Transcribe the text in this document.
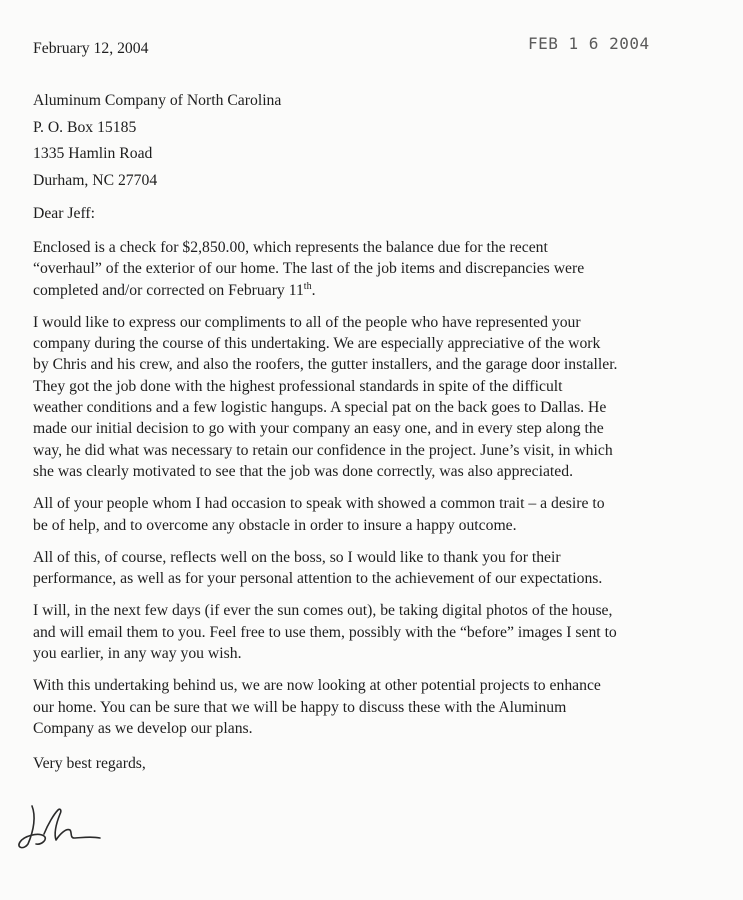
February 12, 2004	FEB 1 6 2004
Aluminum Company of North Carolina
P. O. Box 15185
1335 Hamlin Road
Durham, NC 27704
Dear Jeff:

Enclosed is a check for $2,850.00, which represents the balance due for the recent
“overhaul” of the exterior of our home. The last of the job items and discrepancies were
completed and/or corrected on February 11th.

I would like to express our compliments to all of the people who have represented your
company during the course of this undertaking. We are especially appreciative of the work
by Chris and his crew, and also the roofers, the gutter installers, and the garage door installer.
They got the job done with the highest professional standards in spite of the difficult
weather conditions and a few logistic hangups. A special pat on the back goes to Dallas. He
made our initial decision to go with your company an easy one, and in every step along the
way, he did what was necessary to retain our confidence in the project. June’s visit, in which
she was clearly motivated to see that the job was done correctly, was also appreciated.

All of your people whom I had occasion to speak with showed a common trait – a desire to
be of help, and to overcome any obstacle in order to insure a happy outcome.

All of this, of course, reflects well on the boss, so I would like to thank you for their
performance, as well as for your personal attention to the achievement of our expectations.

I will, in the next few days (if ever the sun comes out), be taking digital photos of the house,
and will email them to you. Feel free to use them, possibly with the “before” images I sent to
you earlier, in any way you wish.

With this undertaking behind us, we are now looking at other potential projects to enhance
our home. You can be sure that we will be happy to discuss these with the Aluminum
Company as we develop our plans.

Very best regards,
